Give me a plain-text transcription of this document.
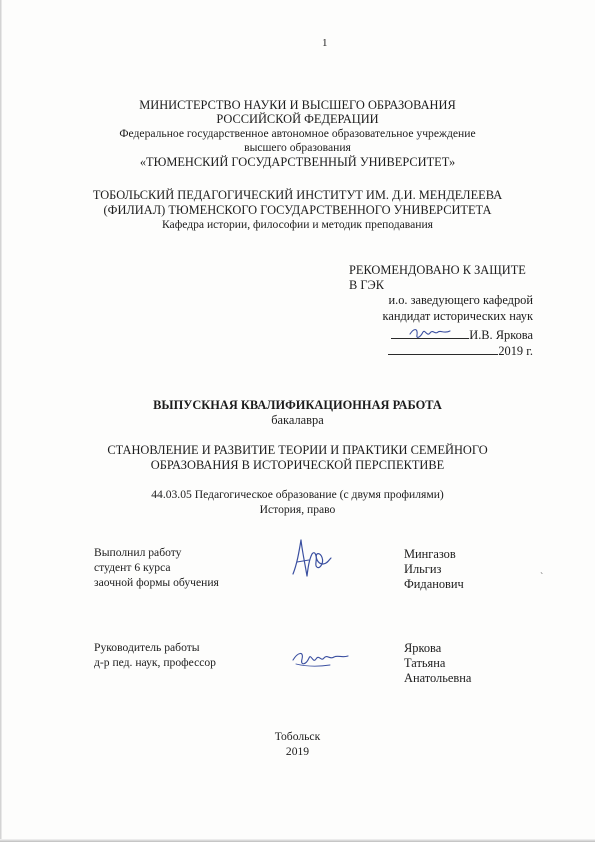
1
МИНИСТЕРСТВО НАУКИ И ВЫСШЕГО ОБРАЗОВАНИЯ
РОССИЙСКОЙ ФЕДЕРАЦИИ
Федеральное государственное автономное образовательное учреждение
высшего образования
«ТЮМЕНСКИЙ ГОСУДАРСТВЕННЫЙ УНИВЕРСИТЕТ»
ТОБОЛЬСКИЙ ПЕДАГОГИЧЕСКИЙ ИНСТИТУТ ИМ. Д.И. МЕНДЕЛЕЕВА
(ФИЛИАЛ) ТЮМЕНСКОГО ГОСУДАРСТВЕННОГО УНИВЕРСИТЕТА
Кафедра истории, философии и методик преподавания
РЕКОМЕНДОВАНО К ЗАЩИТЕ
В ГЭК
и.о. заведующего кафедрой
кандидат исторических наук
И.В. Яркова
2019 г.
ВЫПУСКНАЯ КВАЛИФИКАЦИОННАЯ РАБОТА
бакалавра
СТАНОВЛЕНИЕ И РАЗВИТИЕ ТЕОРИИ И ПРАКТИКИ СЕМЕЙНОГО
ОБРАЗОВАНИЯ В ИСТОРИЧЕСКОЙ ПЕРСПЕКТИВЕ
44.03.05 Педагогическое образование (с двумя профилями)
История, право
Выполнил работу
студент 6 курса
заочной формы обучения
Мингазов
Ильгиз
Фиданович	`
Руководитель работы
д-р пед. наук, профессор
Яркова
Татьяна
Анатольевна
Тобольск
2019
